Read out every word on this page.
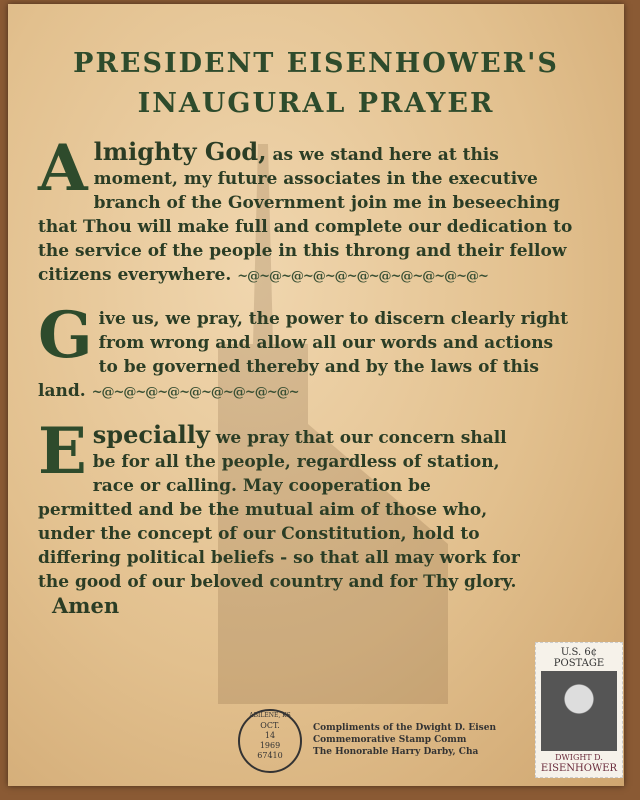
PRESIDENT EISENHOWER'S
INAUGURAL PRAYER
A lmighty God, as we stand here at this moment, my future associates in the executive branch of the Government join me in beseeching that Thou will make full and complete our dedication to the service of the people in this throng and their fellow citizens everywhere. ~@~@~@~@~@~@~@~@~@~@~@~
G ive us, we pray, the power to discern clearly right from wrong and allow all our words and actions to be governed thereby and by the laws of this land. ~@~@~@~@~@~@~@~@~@~
E specially we pray that our concern shall be for all the people, regardless of station, race or calling. May cooperation be permitted and be the mutual aim of those who, under the concept of our Constitution, hold to differing political beliefs - so that all may work for the good of our beloved country and for Thy glory. Amen
ABILENE, KS
OCT.
14
1969
67410
Compliments of the Dwight D. Eisen
Commemorative Stamp Comm
The Honorable Harry Darby, Cha
U.S. 6¢ POSTAGE
DWIGHT D.
EISENHOWER
